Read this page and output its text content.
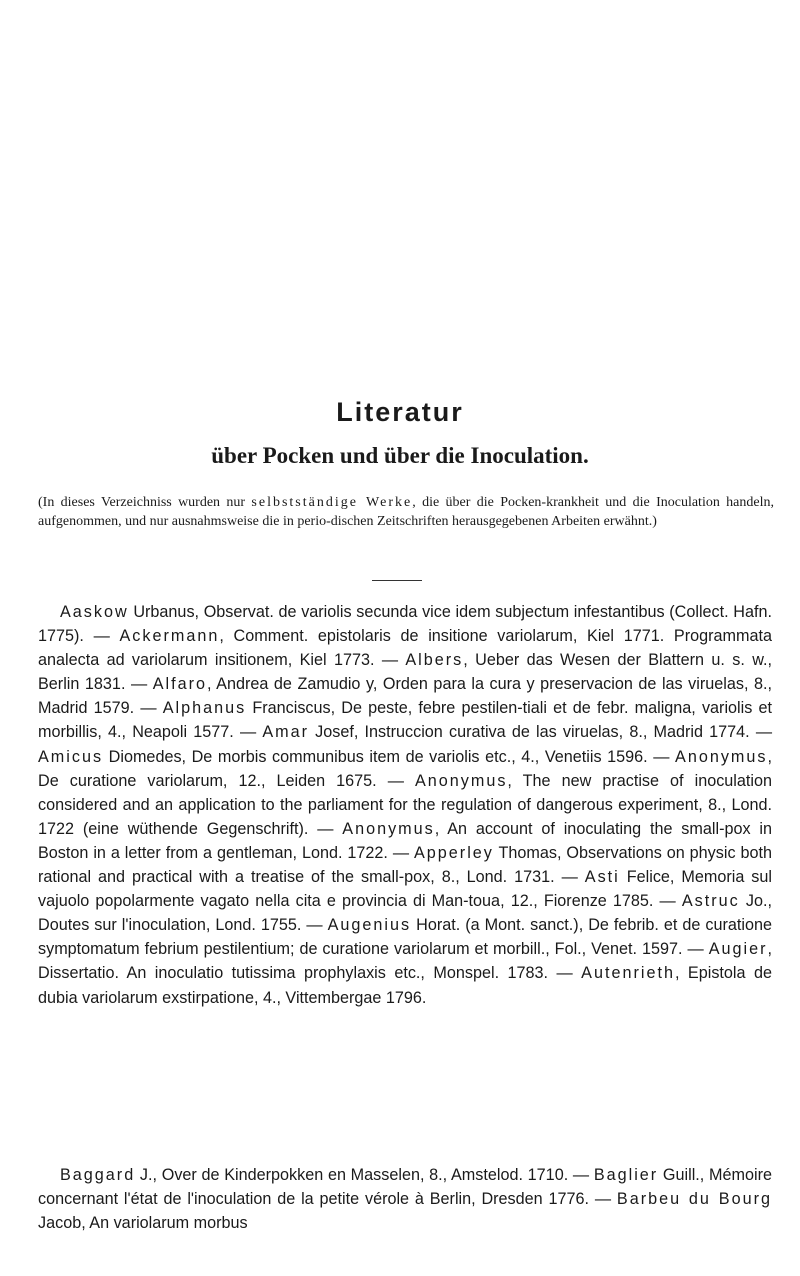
Literatur
über Pocken und über die Inoculation.
(In dieses Verzeichniss wurden nur selbstständige Werke, die über die Pocken-krankheit und die Inoculation handeln, aufgenommen, und nur ausnahmsweise die in perio-dischen Zeitschriften herausgegebenen Arbeiten erwähnt.)
Aaskow Urbanus, Observat. de variolis secunda vice idem subjectum infestantibus (Collect. Hafn. 1775). — Ackermann, Comment. epistolaris de insitione variolarum, Kiel 1771. Programmata analecta ad variolarum insitionem, Kiel 1773. — Albers, Ueber das Wesen der Blattern u. s. w., Berlin 1831. — Alfaro, Andrea de Zamudio y, Orden para la cura y preservacion de las viruelas, 8., Madrid 1579. — Alphanus Franciscus, De peste, febre pestilen-tiali et de febr. maligna, variolis et morbillis, 4., Neapoli 1577. — Amar Josef, Instruccion curativa de las viruelas, 8., Madrid 1774. — Amicus Diomedes, De morbis communibus item de variolis etc., 4., Venetiis 1596. — Anonymus, De curatione variolarum, 12., Leiden 1675. — Anonymus, The new practise of inoculation considered and an application to the parliament for the regulation of dangerous experiment, 8., Lond. 1722 (eine wüthende Gegenschrift). — Anonymus, An account of inoculating the small-pox in Boston in a letter from a gentleman, Lond. 1722. — Apperley Thomas, Observations on physic both rational and practical with a treatise of the small-pox, 8., Lond. 1731. — Asti Felice, Memoria sul vajuolo popolarmente vagato nella cita e provincia di Man-toua, 12., Fiorenze 1785. — Astruc Jo., Doutes sur l'inoculation, Lond. 1755. — Augenius Horat. (a Mont. sanct.), De febrib. et de curatione symptomatum febrium pestilentium; de curatione variolarum et morbill., Fol., Venet. 1597. — Augier, Dissertatio. An inoculatio tutissima prophylaxis etc., Monspel. 1783. — Autenrieth, Epistola de dubia variolarum exstirpatione, 4., Vittembergae 1796.
Baggard J., Over de Kinderpokken en Masselen, 8., Amstelod. 1710. — Baglier Guill., Mémoire concernant l'état de l'inoculation de la petite vérole à Berlin, Dresden 1776. — Barbeu du Bourg Jacob, An variolarum morbus
